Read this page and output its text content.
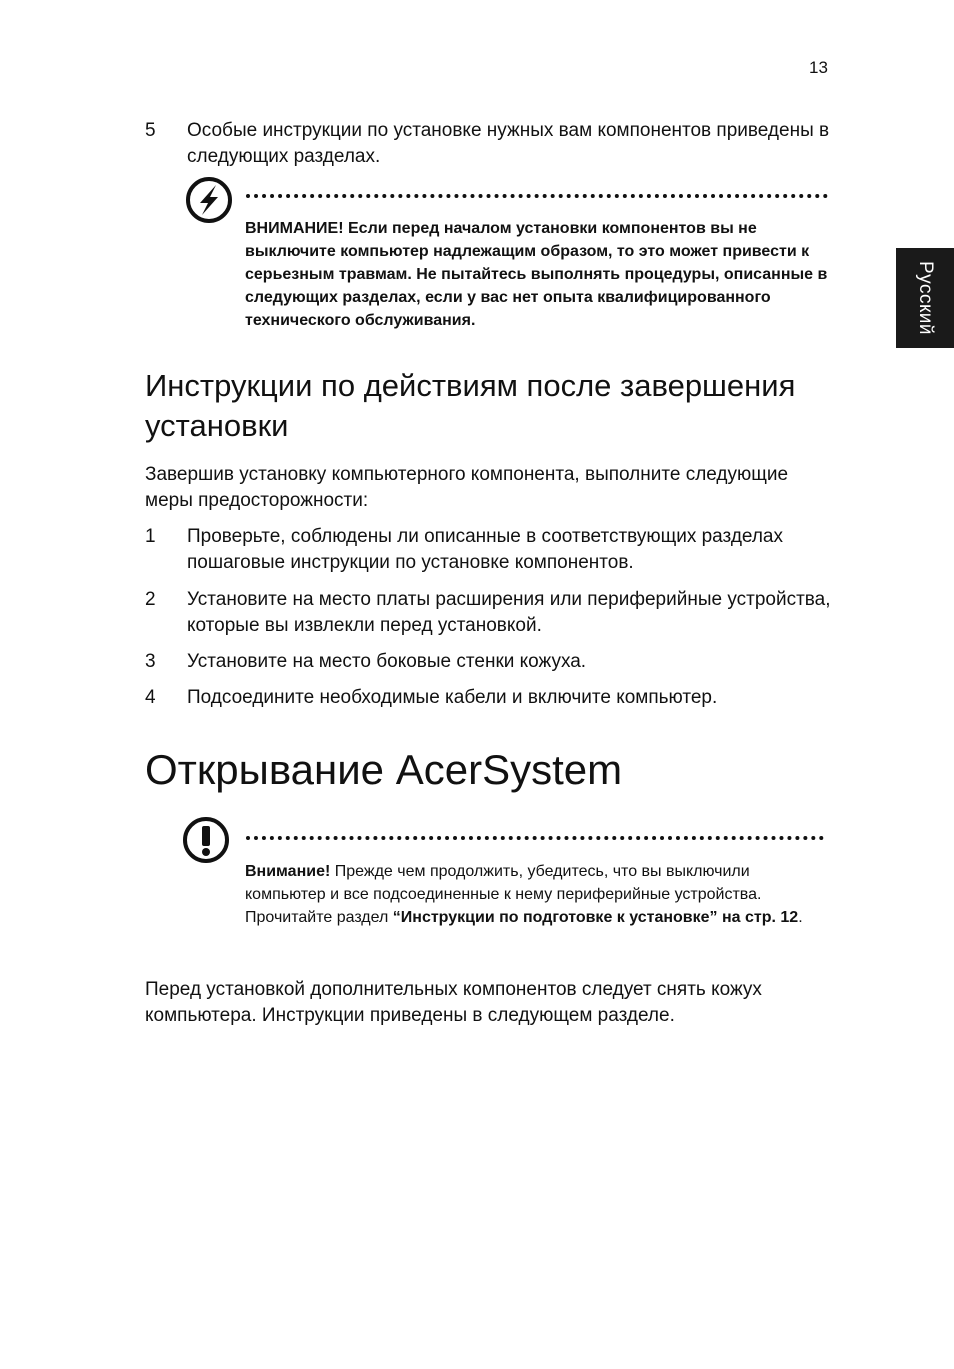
13
Русский
5 Особые инструкции по установке нужных вам компонентов приведены в следующих разделах.
ВНИМАНИЕ! Если перед началом установки компонентов вы не выключите компьютер надлежащим образом, то это может привести к серьезным травмам. Не пытайтесь выполнять процедуры, описанные в следующих разделах, если у вас нет опыта квалифицированного технического обслуживания.
Инструкции по действиям после завершения установки
Завершив установку компьютерного компонента, выполните следующие меры предосторожности:
1 Проверьте, соблюдены ли описанные в соответствующих разделах пошаговые инструкции по установке компонентов.
2 Установите на место платы расширения или периферийные устройства, которые вы извлекли перед установкой.
3 Установите на место боковые стенки кожуха.
4 Подсоедините необходимые кабели и включите компьютер.
Открывание AcerSystem
Внимание! Прежде чем продолжить, убедитесь, что вы выключили компьютер и все подсоединенные к нему периферийные устройства. Прочитайте раздел “Инструкции по подготовке к установке” на стр. 12.
Перед установкой дополнительных компонентов следует снять кожух компьютера. Инструкции приведены в следующем разделе.
